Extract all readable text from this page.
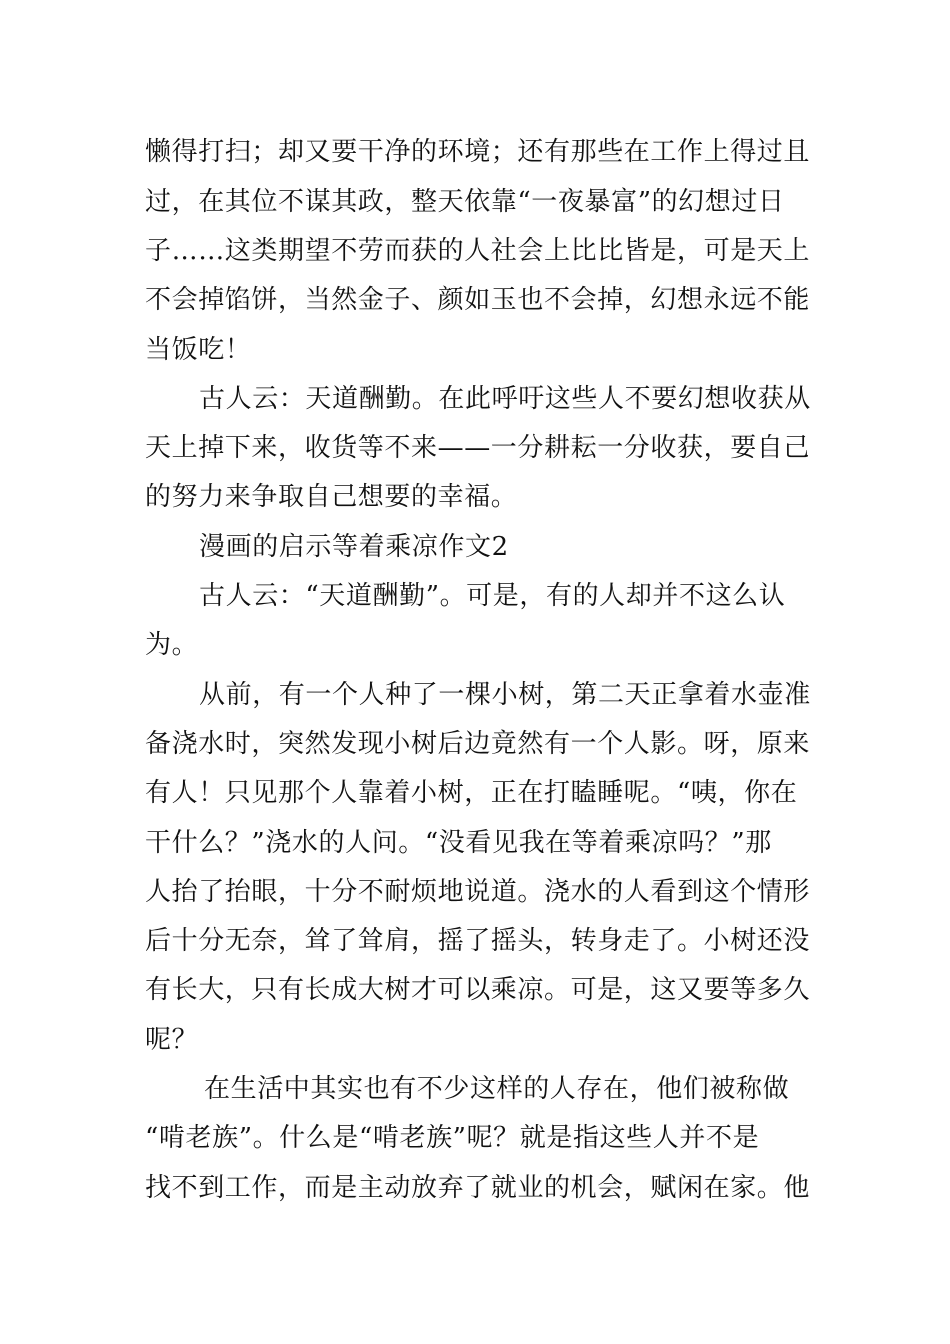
懒得打扫；却又要干净的环境；还有那些在工作上得过且
过，在其位不谋其政，整天依靠“一夜暴富”的幻想过日
子……这类期望不劳而获的人社会上比比皆是，可是天上
不会掉馅饼，当然金子、颜如玉也不会掉，幻想永远不能
当饭吃！
古人云：天道酬勤。在此呼吁这些人不要幻想收获从
天上掉下来，收货等不来——一分耕耘一分收获，要自己
的努力来争取自己想要的幸福。
漫画的启示等着乘凉作文2
古人云：“天道酬勤”。可是，有的人却并不这么认
为。
从前，有一个人种了一棵小树，第二天正拿着水壶准
备浇水时，突然发现小树后边竟然有一个人影。呀，原来
有人！只见那个人靠着小树，正在打瞌睡呢。“咦，你在
干什么？”浇水的人问。“没看见我在等着乘凉吗？”那
人抬了抬眼，十分不耐烦地说道。浇水的人看到这个情形
后十分无奈，耸了耸肩，摇了摇头，转身走了。小树还没
有长大，只有长成大树才可以乘凉。可是，这又要等多久
呢？
在生活中其实也有不少这样的人存在，他们被称做
“啃老族”。什么是“啃老族”呢？就是指这些人并不是
找不到工作，而是主动放弃了就业的机会，赋闲在家。他
